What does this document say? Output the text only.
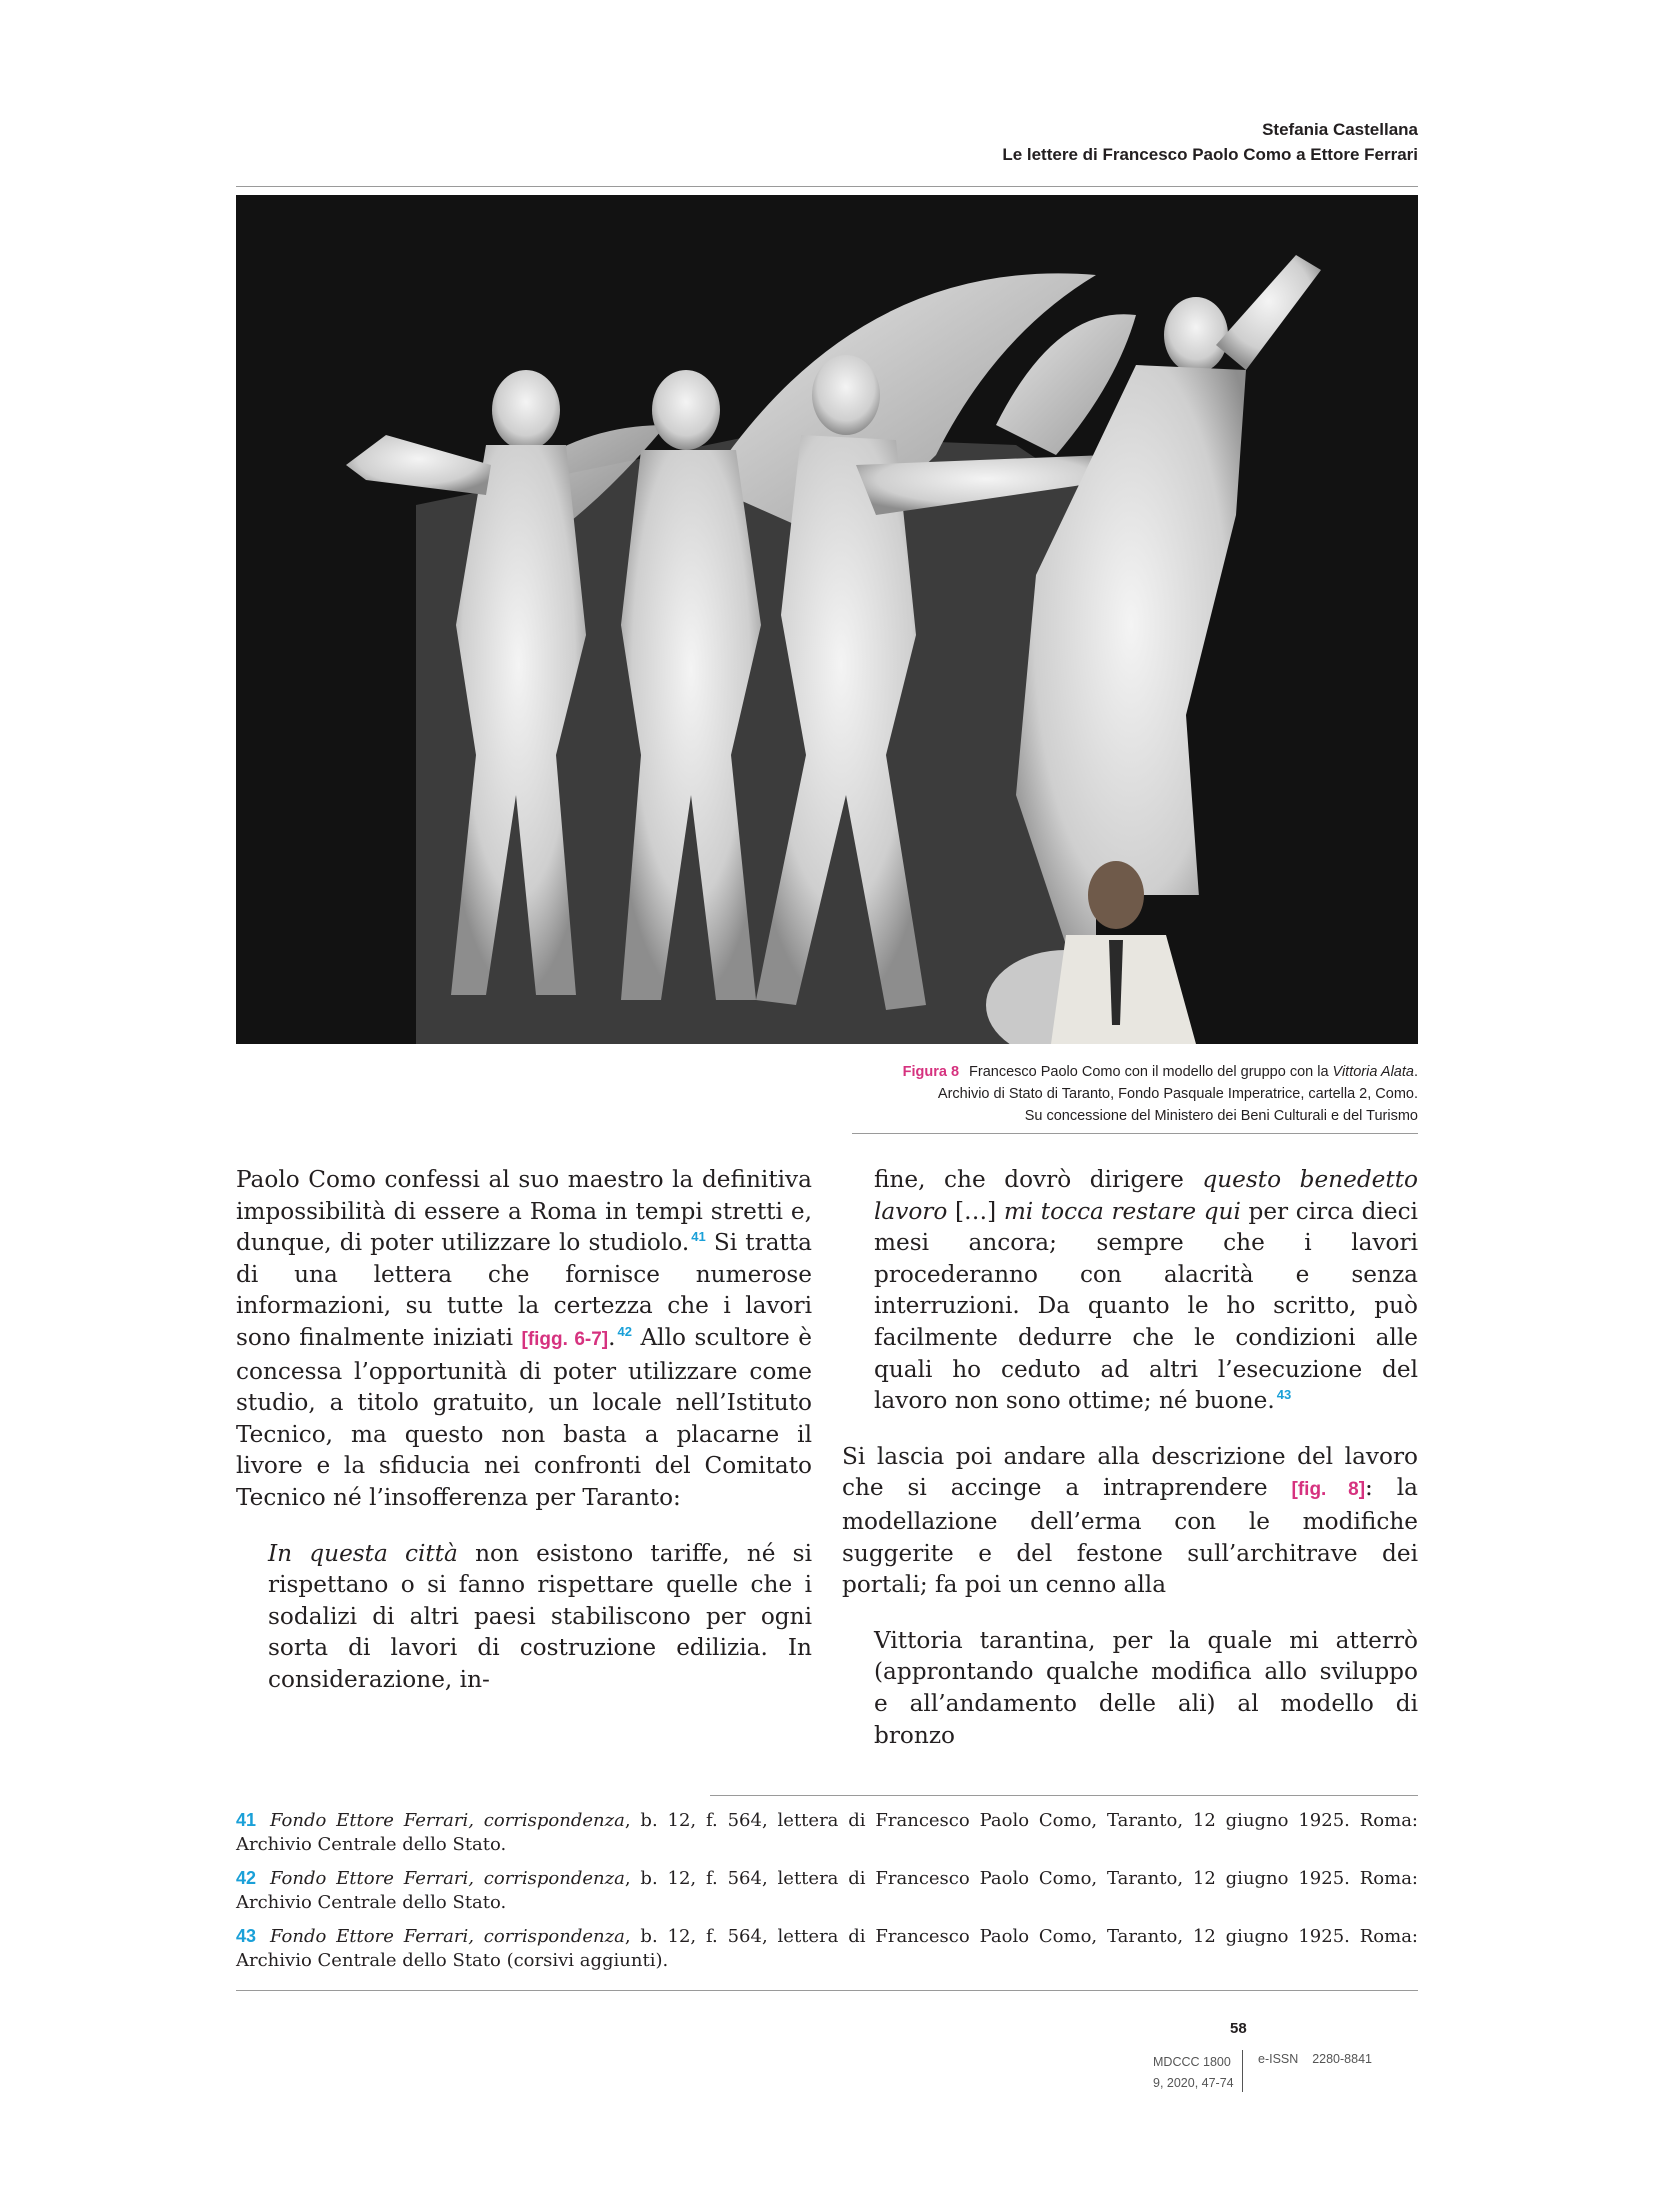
Stefania Castellana
Le lettere di Francesco Paolo Como a Ettore Ferrari
Figura 8 Francesco Paolo Como con il modello del gruppo con la Vittoria Alata.
Archivio di Stato di Taranto, Fondo Pasquale Imperatrice, cartella 2, Como.
Su concessione del Ministero dei Beni Culturali e del Turismo

Paolo Como confessi al suo maestro la definitiva impossibilità di essere a Roma in tempi stretti e, dunque, di poter utilizzare lo studiolo. $^{41}$ Si tratta di una lettera che fornisce numerose informazioni, su tutte la certezza che i lavori sono finalmente iniziati [figg. 6-7]. $^{42}$ Allo scultore è concessa l’opportunità di poter utilizzare come studio, a titolo gratuito, un locale nell’Istituto Tecnico, ma questo non basta a placarne il livore e la sfiducia nei confronti del Comitato Tecnico né l’insofferenza per Taranto:

In questa città non esistono tariffe, né si rispettano o si fanno rispettare quelle che i sodalizi di altri paesi stabiliscono per ogni sorta di lavori di costruzione edilizia. In considerazione, in-

fine, che dovrò dirigere questo benedetto lavoro […] mi tocca restare qui per circa dieci mesi ancora; sempre che i lavori procederanno con alacrità e senza interruzioni. Da quanto le ho scritto, può facilmente dedurre che le condizioni alle quali ho ceduto ad altri l’esecuzione del lavoro non sono ottime; né buone. $^{43}$

Si lascia poi andare alla descrizione del lavoro che si accinge a intraprendere [fig. 8]: la modellazione dell’erma con le modifiche suggerite e del festone sull’architrave dei portali; fa poi un cenno alla

Vittoria tarantina, per la quale mi atterrò (approntando qualche modifica allo sviluppo e all’andamento delle ali) al modello di bronzo

41 Fondo Ettore Ferrari, corrispondenza, b. 12, f. 564, lettera di Francesco Paolo Como, Taranto, 12 giugno 1925. Roma: Archivio Centrale dello Stato.
42 Fondo Ettore Ferrari, corrispondenza, b. 12, f. 564, lettera di Francesco Paolo Como, Taranto, 12 giugno 1925. Roma: Archivio Centrale dello Stato.
43 Fondo Ettore Ferrari, corrispondenza, b. 12, f. 564, lettera di Francesco Paolo Como, Taranto, 12 giugno 1925. Roma: Archivio Centrale dello Stato (corsivi aggiunti).
58
MDCCC 1800
9, 2020, 47-74
e-ISSN 2280-8841
